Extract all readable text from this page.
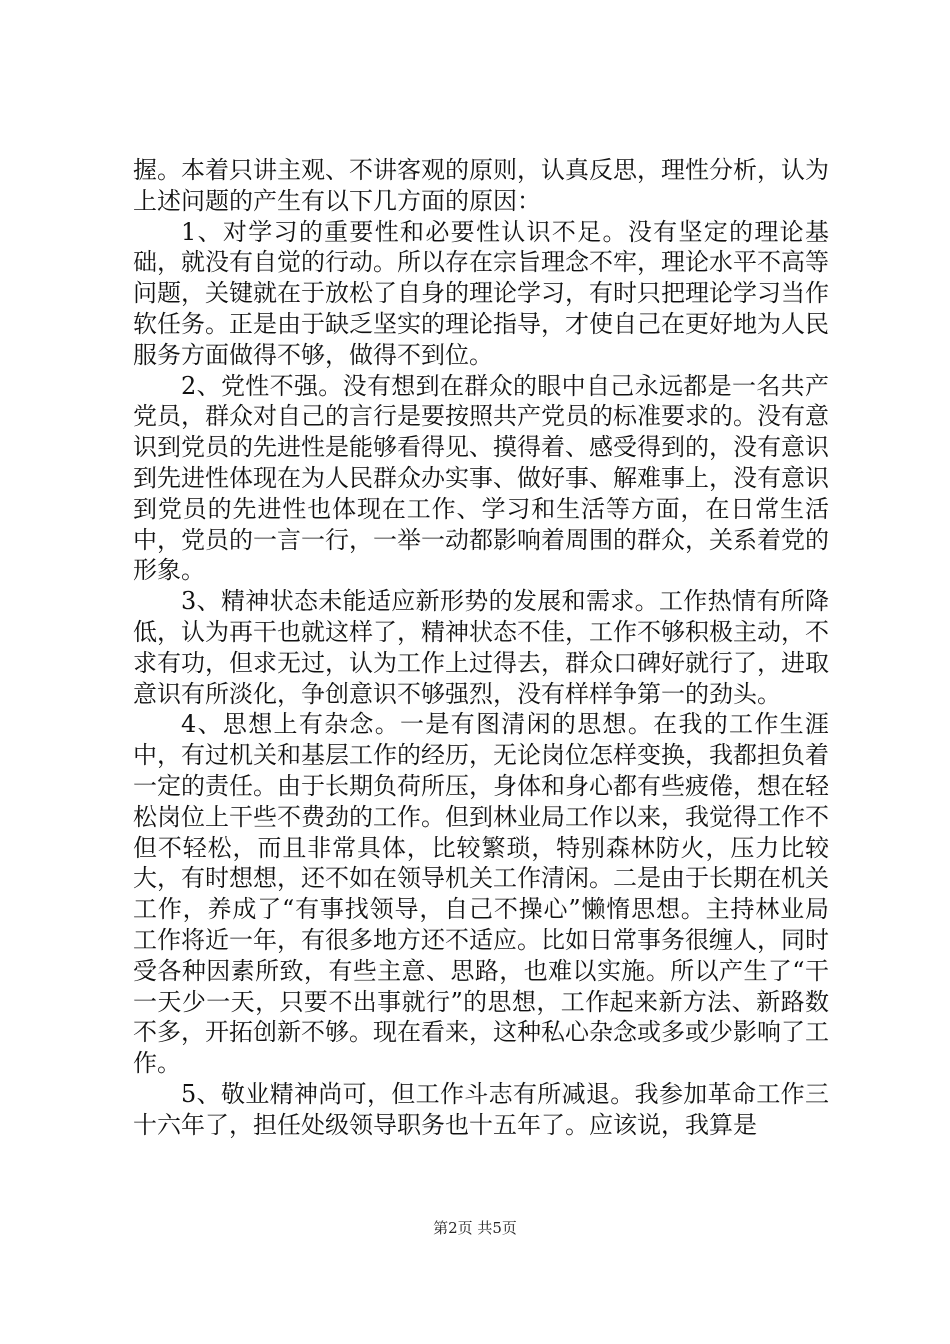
握。本着只讲主观、不讲客观的原则，认真反思，理性分析，认为上述问题的产生有以下几方面的原因：

1、对学习的重要性和必要性认识不足。没有坚定的理论基础，就没有自觉的行动。所以存在宗旨理念不牢，理论水平不高等问题，关键就在于放松了自身的理论学习，有时只把理论学习当作软任务。正是由于缺乏坚实的理论指导，才使自己在更好地为人民服务方面做得不够，做得不到位。

2、党性不强。没有想到在群众的眼中自己永远都是一名共产党员，群众对自己的言行是要按照共产党员的标准要求的。没有意识到党员的先进性是能够看得见、摸得着、感受得到的，没有意识到先进性体现在为人民群众办实事、做好事、解难事上，没有意识到党员的先进性也体现在工作、学习和生活等方面，在日常生活中，党员的一言一行，一举一动都影响着周围的群众，关系着党的形象。

3、精神状态未能适应新形势的发展和需求。工作热情有所降低，认为再干也就这样了，精神状态不佳，工作不够积极主动，不求有功，但求无过，认为工作上过得去，群众口碑好就行了，进取意识有所淡化，争创意识不够强烈，没有样样争第一的劲头。

4、思想上有杂念。一是有图清闲的思想。在我的工作生涯中，有过机关和基层工作的经历，无论岗位怎样变换，我都担负着一定的责任。由于长期负荷所压，身体和身心都有些疲倦，想在轻松岗位上干些不费劲的工作。但到林业局工作以来，我觉得工作不但不轻松，而且非常具体，比较繁琐，特别森林防火，压力比较大，有时想想，还不如在领导机关工作清闲。二是由于长期在机关工作，养成了“有事找领导，自己不操心”懒惰思想。主持林业局工作将近一年，有很多地方还不适应。比如日常事务很缠人，同时受各种因素所致，有些主意、思路，也难以实施。所以产生了“干一天少一天，只要不出事就行”的思想，工作起来新方法、新路数不多，开拓创新不够。现在看来，这种私心杂念或多或少影响了工作。

5、敬业精神尚可，但工作斗志有所减退。我参加革命工作三十六年了，担任处级领导职务也十五年了。应该说，我算是

第2页 共5页
